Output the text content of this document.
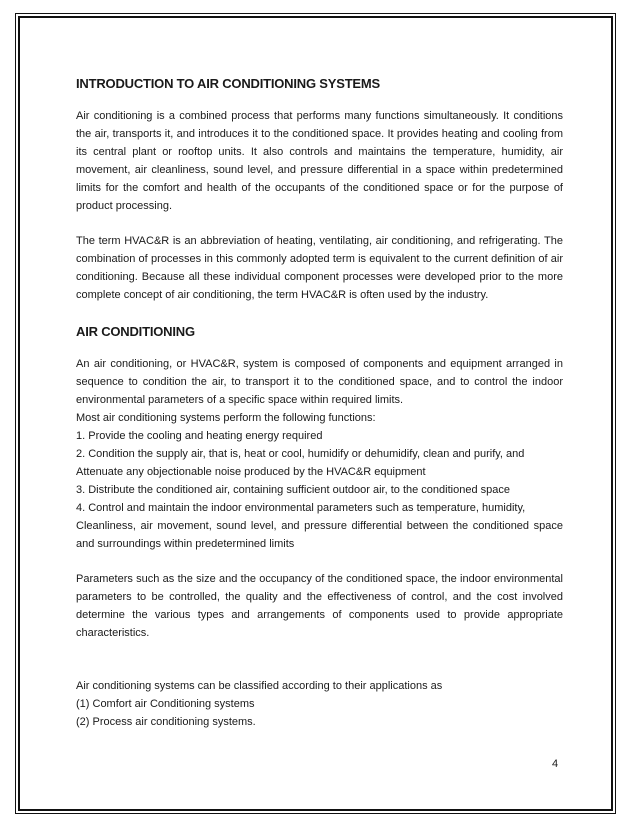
INTRODUCTION TO AIR CONDITIONING SYSTEMS

Air conditioning is a combined process that performs many functions simultaneously. It conditions the air, transports it, and introduces it to the conditioned space. It provides heating and cooling from its central plant or rooftop units. It also controls and maintains the temperature, humidity, air movement, air cleanliness, sound level, and pressure differential in a space within predetermined limits for the comfort and health of the occupants of the conditioned space or for the purpose of product processing.

The term HVAC&R is an abbreviation of heating, ventilating, air conditioning, and refrigerating. The combination of processes in this commonly adopted term is equivalent to the current definition of air conditioning. Because all these individual component processes were developed prior to the more complete concept of air conditioning, the term HVAC&R is often used by the industry.

AIR CONDITIONING

An air conditioning, or HVAC&R, system is composed of components and equipment arranged in sequence to condition the air, to transport it to the conditioned space, and to control the indoor environmental parameters of a specific space within required limits.

Most air conditioning systems perform the following functions:
1. Provide the cooling and heating energy required
2. Condition the supply air, that is, heat or cool, humidify or dehumidify, clean and purify, and
Attenuate any objectionable noise produced by the HVAC&R equipment
3. Distribute the conditioned air, containing sufficient outdoor air, to the conditioned space
4. Control and maintain the indoor environmental parameters such as temperature, humidity,

Cleanliness, air movement, sound level, and pressure differential between the conditioned space and surroundings within predetermined limits

Parameters such as the size and the occupancy of the conditioned space, the indoor environmental parameters to be controlled, the quality and the effectiveness of control, and the cost involved determine the various types and arrangements of components used to provide appropriate characteristics.

Air conditioning systems can be classified according to their applications as
(1) Comfort air Conditioning systems
(2) Process air conditioning systems.
4
